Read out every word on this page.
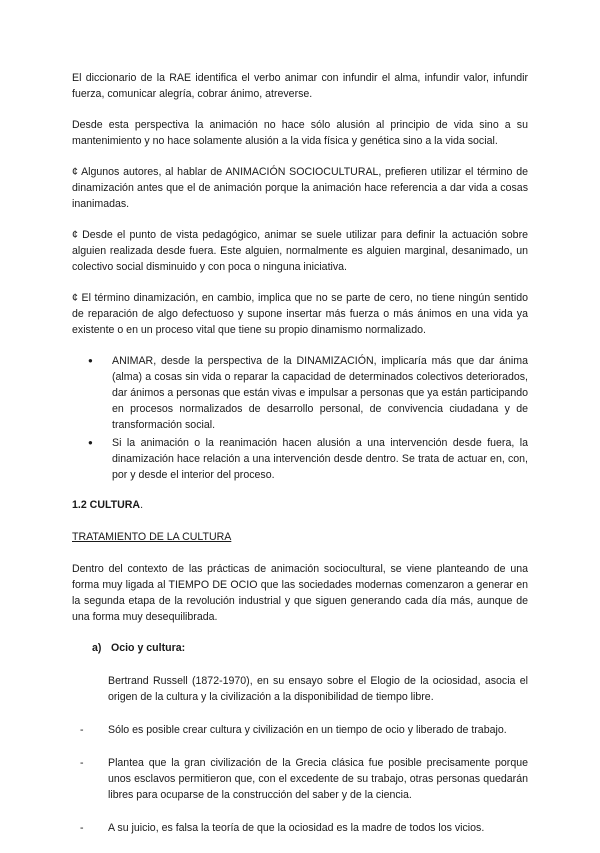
El diccionario de la RAE identifica el verbo animar con infundir el alma, infundir valor, infundir fuerza, comunicar alegría, cobrar ánimo, atreverse.

Desde esta perspectiva la animación no hace sólo alusión al principio de vida sino a su mantenimiento y no hace solamente alusión a la vida física y genética sino a la vida social.

¢ Algunos autores, al hablar de ANIMACIÓN SOCIOCULTURAL, prefieren utilizar el término de dinamización antes que el de animación porque la animación hace referencia a dar vida a cosas inanimadas.

¢ Desde el punto de vista pedagógico, animar se suele utilizar para definir la actuación sobre alguien realizada desde fuera. Este alguien, normalmente es alguien marginal, desanimado, un colectivo social disminuido y con poca o ninguna iniciativa.

¢ El término dinamización, en cambio, implica que no se parte de cero, no tiene ningún sentido de reparación de algo defectuoso y supone insertar más fuerza o más ánimos en una vida ya existente o en un proceso vital que tiene su propio dinamismo normalizado.

● ANIMAR, desde la perspectiva de la DINAMIZACIÓN, implicaría más que dar ánima (alma) a cosas sin vida o reparar la capacidad de determinados colectivos deteriorados, dar ánimos a personas que están vivas e impulsar a personas que ya están participando en procesos normalizados de desarrollo personal, de convivencia ciudadana y de transformación social.
● Si la animación o la reanimación hacen alusión a una intervención desde fuera, la dinamización hace relación a una intervención desde dentro. Se trata de actuar en, con, por y desde el interior del proceso.
1.2 CULTURA.
TRATAMIENTO DE LA CULTURA

Dentro del contexto de las prácticas de animación sociocultural, se viene planteando de una forma muy ligada al TIEMPO DE OCIO que las sociedades modernas comenzaron a generar en la segunda etapa de la revolución industrial y que siguen generando cada día más, aunque de una forma muy desequilibrada.

a) Ocio y cultura:

Bertrand Russell (1872-1970), en su ensayo sobre el Elogio de la ociosidad, asocia el origen de la cultura y la civilización a la disponibilidad de tiempo libre.

- Sólo es posible crear cultura y civilización en un tiempo de ocio y liberado de trabajo.
- Plantea que la gran civilización de la Grecia clásica fue posible precisamente porque unos esclavos permitieron que, con el excedente de su trabajo, otras personas quedarán libres para ocuparse de la construcción del saber y de la ciencia.
- A su juicio, es falsa la teoría de que la ociosidad es la madre de todos los vicios.
